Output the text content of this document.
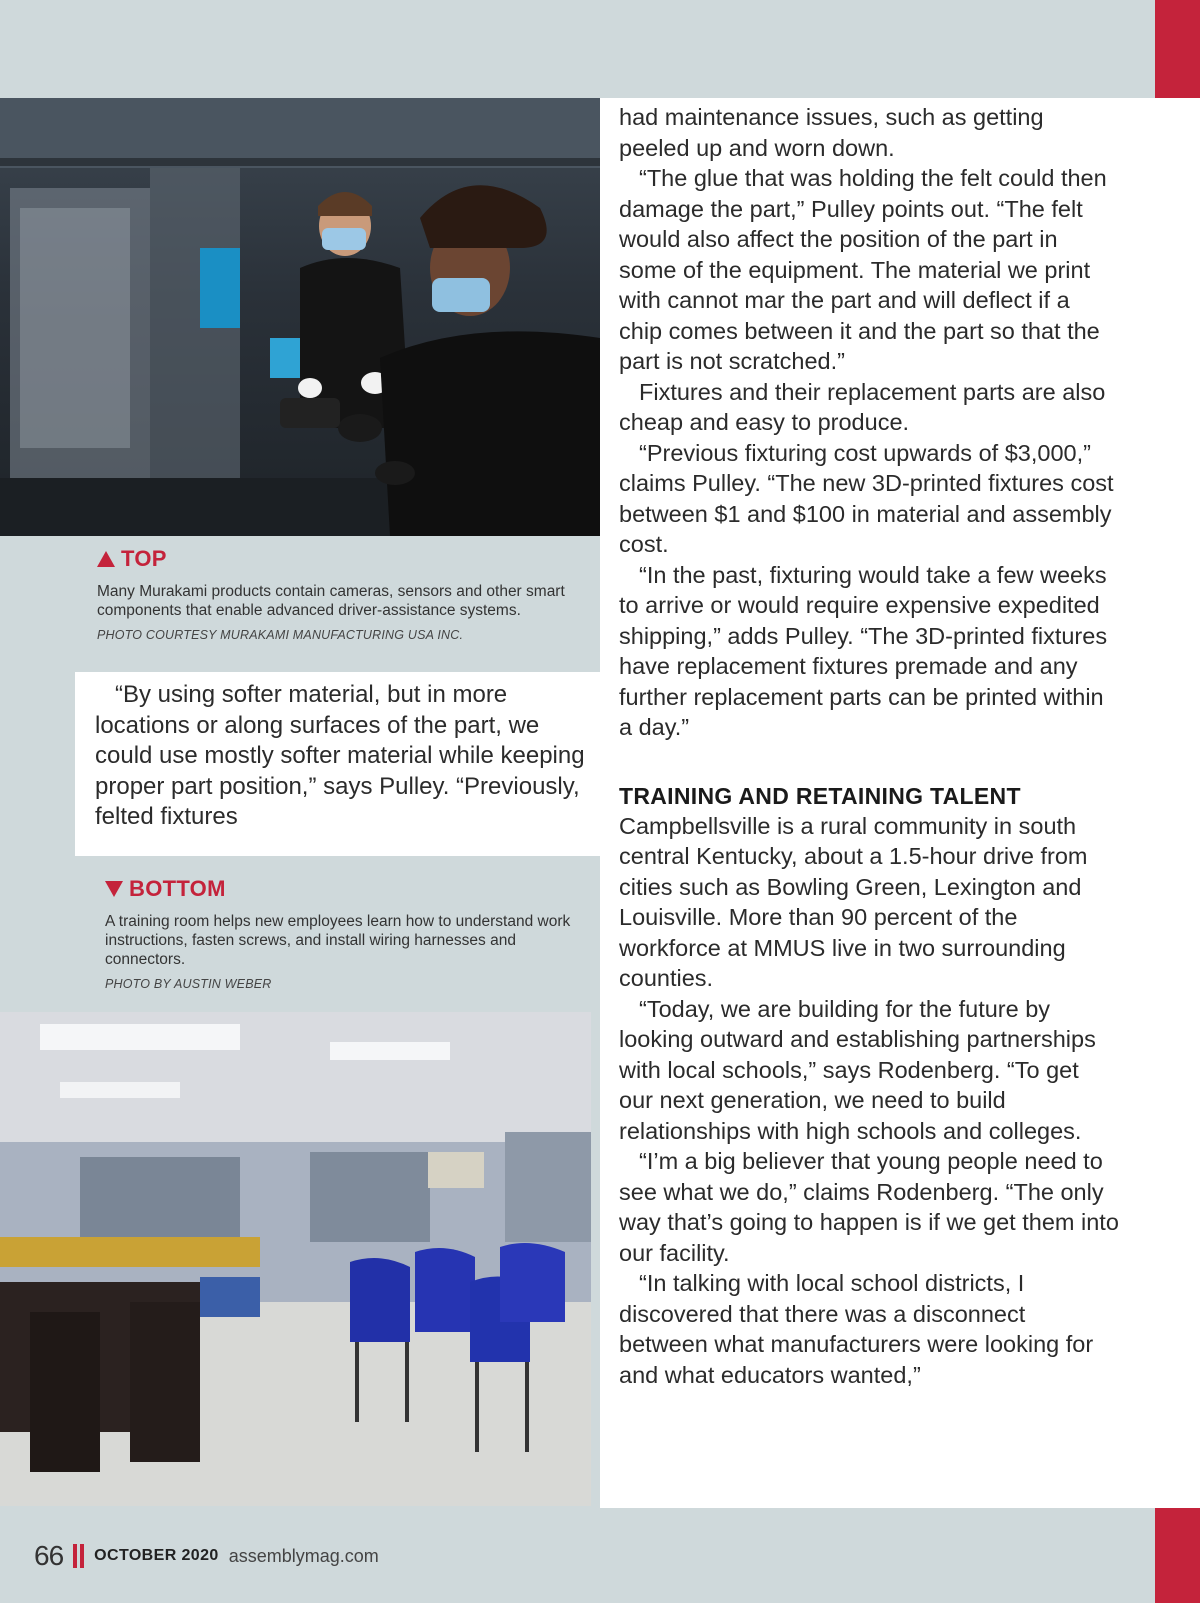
TOP
Many Murakami products contain cameras, sensors and other smart components that enable advanced driver-assistance systems.
PHOTO COURTESY MURAKAMI MANUFACTURING USA INC.
“By using softer material, but in more locations or along surfaces of the part, we could use mostly softer material while keeping proper part position,” says Pulley. “Previously, felted fixtures
BOTTOM
A training room helps new employees learn how to understand work instructions, fasten screws, and install wiring harnesses and connectors.
PHOTO BY AUSTIN WEBER

had maintenance issues, such as getting peeled up and worn down.

“The glue that was holding the felt could then damage the part,” Pulley points out. “The felt would also affect the position of the part in some of the equipment. The material we print with cannot mar the part and will deflect if a chip comes between it and the part so that the part is not scratched.”

Fixtures and their replacement parts are also cheap and easy to produce.

“Previous fixturing cost upwards of $3,000,” claims Pulley. “The new 3D-printed fixtures cost between $1 and $100 in material and assembly cost.

“In the past, fixturing would take a few weeks to arrive or would require expensive expedited shipping,” adds Pulley. “The 3D-printed fixtures have replacement fixtures premade and any further replacement parts can be printed within a day.”

TRAINING AND RETAINING TALENT

Campbellsville is a rural community in south central Kentucky, about a 1.5-hour drive from cities such as Bowling Green, Lexington and Louisville. More than 90 percent of the workforce at MMUS live in two surrounding counties.

“Today, we are building for the future by looking outward and establishing partnerships with local schools,” says Rodenberg. “To get our next generation, we need to build relationships with high schools and colleges.

“I’m a big believer that young people need to see what we do,” claims Rodenberg. “The only way that’s going to happen is if we get them into our facility.

“In talking with local school districts, I discovered that there was a disconnect between what manufacturers were looking for and what educators wanted,”

66 OCTOBER 2020 assemblymag.com
